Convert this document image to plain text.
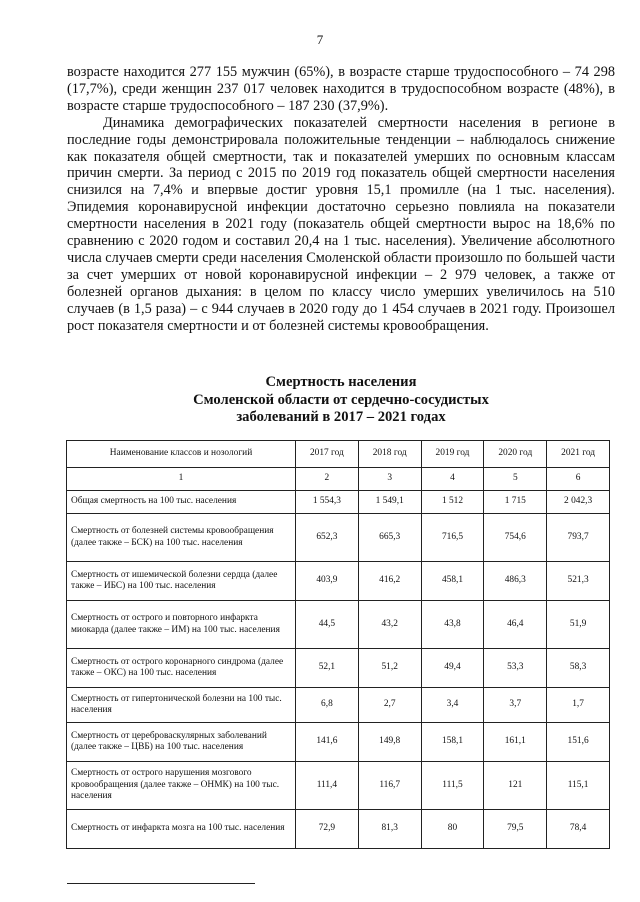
7

возрасте находится 277 155 мужчин (65%), в возрасте старше трудоспособного – 74 298 (17,7%), среди женщин 237 017 человек находится в трудоспособном возрасте (48%), в возрасте старше трудоспособного – 187 230 (37,9%).

Динамика демографических показателей смертности населения в регионе в последние годы демонстрировала положительные тенденции – наблюдалось снижение как показателя общей смертности, так и показателей умерших по основным классам причин смерти. За период с 2015 по 2019 год показатель общей смертности населения снизился на 7,4% и впервые достиг уровня 15,1 промилле (на 1 тыс. населения). Эпидемия коронавирусной инфекции достаточно серьезно повлияла на показатели смертности населения в 2021 году (показатель общей смертности вырос на 18,6% по сравнению с 2020 годом и составил 20,4 на 1 тыс. населения). Увеличение абсолютного числа случаев смерти среди населения Смоленской области произошло по большей части за счет умерших от новой коронавирусной инфекции – 2 979 человек, а также от болезней органов дыхания: в целом по классу число умерших увеличилось на 510 случаев (в 1,5 раза) – с 944 случаев в 2020 году до 1 454 случаев в 2021 году. Произошел рост показателя смертности и от болезней системы кровообращения.

Смертность населения
Смоленской области от сердечно-сосудистых
заболеваний в 2017 – 2021 годах
Наименование классов и нозологий	2017 год	2018 год	2019 год	2020 год	2021 год
1	2	3	4	5	6
Общая смертность на 100 тыс. населения	1 554,3	1 549,1	1 512	1 715	2 042,3
Смертность от болезней системы кровообращения (далее также – БСК) на 100 тыс. населения	652,3	665,3	716,5	754,6	793,7
Смертность от ишемической болезни сердца (далее также – ИБС) на 100 тыс. населения	403,9	416,2	458,1	486,3	521,3
Смертность от острого и повторного инфаркта миокарда (далее также – ИМ) на 100 тыс. населения	44,5	43,2	43,8	46,4	51,9
Смертность от острого коронарного синдрома (далее также – ОКС) на 100 тыс. населения	52,1	51,2	49,4	53,3	58,3
Смертность от гипертонической болезни на 100 тыс. населения	6,8	2,7	3,4	3,7	1,7
Смертность от цереброваскулярных заболеваний (далее также – ЦВБ) на 100 тыс. населения	141,6	149,8	158,1	161,1	151,6
Смертность от острого нарушения мозгового кровообращения (далее также – ОНМК) на 100 тыс. населения	111,4	116,7	111,5	121	115,1
Смертность от инфаркта мозга на 100 тыс. населения	72,9	81,3	80	79,5	78,4
